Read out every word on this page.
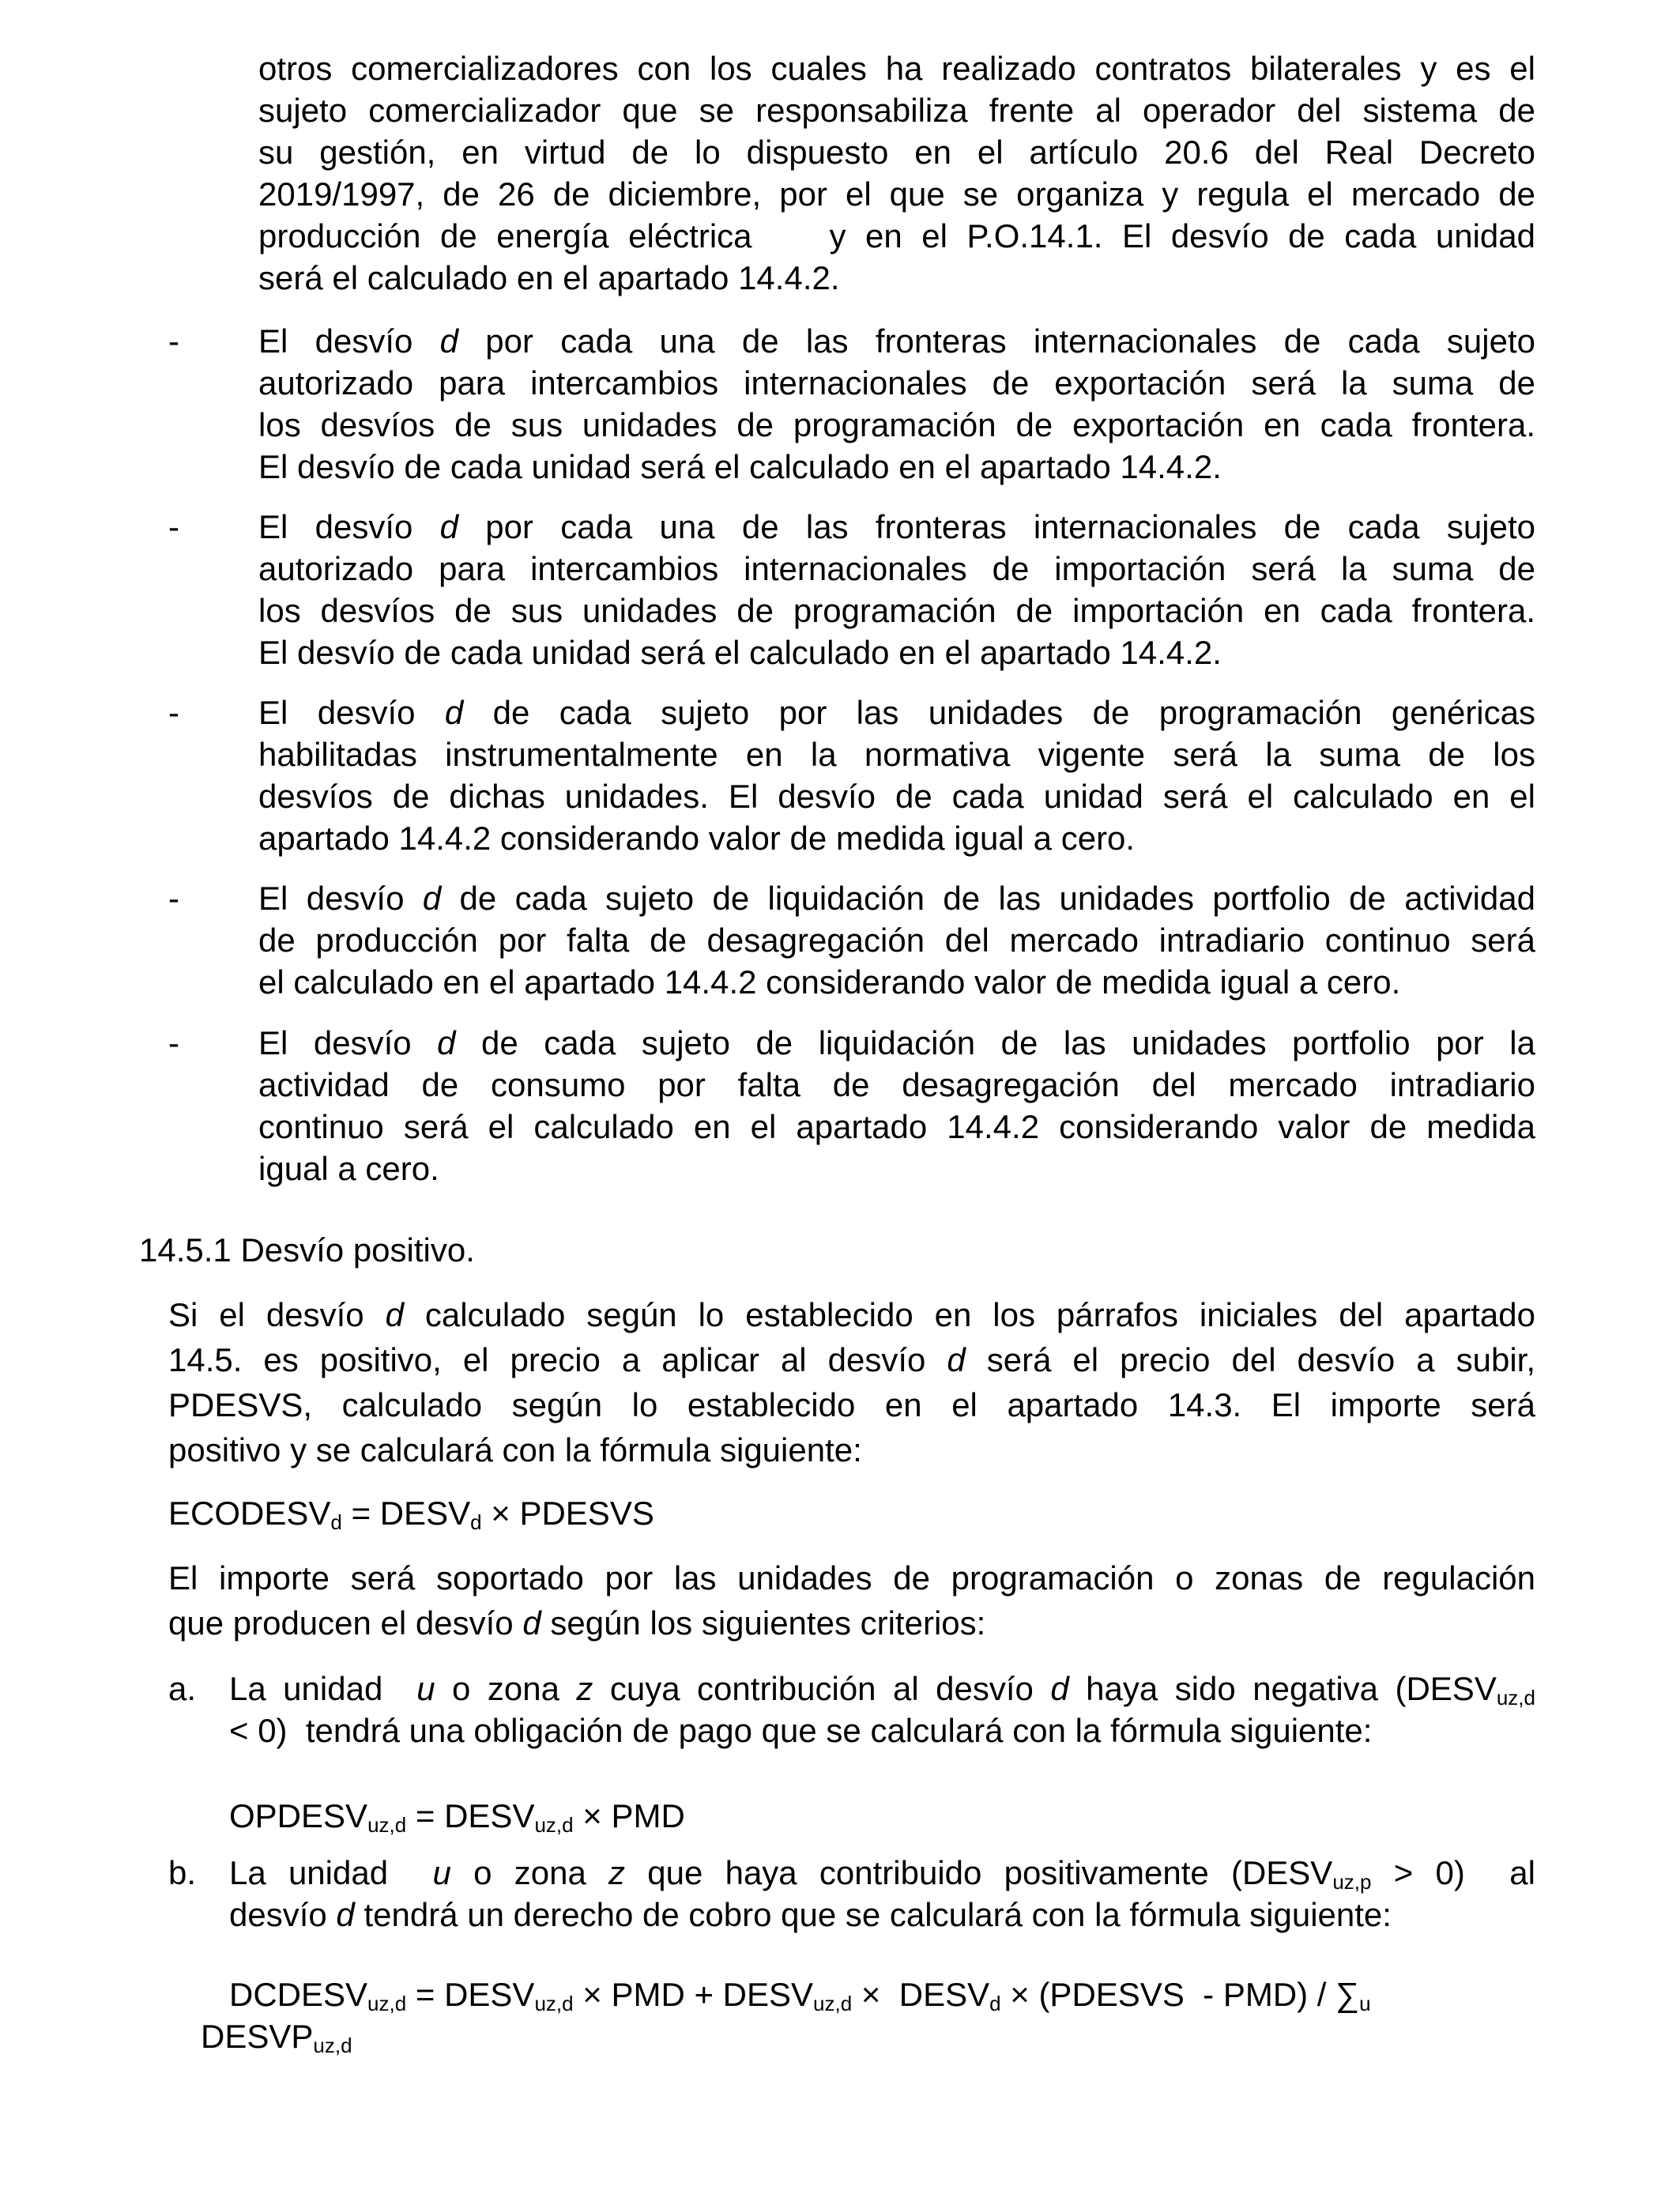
otros comercializadores con los cuales ha realizado contratos bilaterales y es el
sujeto comercializador que se responsabiliza frente al operador del sistema de
su gestión, en virtud de lo dispuesto en el artículo 20.6 del Real Decreto
2019/1997, de 26 de diciembre, por el que se organiza y regula el mercado de
producción de energía eléctrica    y en el P.O.14.1. El desvío de cada unidad
será el calculado en el apartado 14.4.2.
- El desvío d por cada una de las fronteras internacionales de cada sujeto
autorizado para intercambios internacionales de exportación será la suma de
los desvíos de sus unidades de programación de exportación en cada frontera.
El desvío de cada unidad será el calculado en el apartado 14.4.2.
- El desvío d por cada una de las fronteras internacionales de cada sujeto
autorizado para intercambios internacionales de importación será la suma de
los desvíos de sus unidades de programación de importación en cada frontera.
El desvío de cada unidad será el calculado en el apartado 14.4.2.
- El desvío d de cada sujeto por las unidades de programación genéricas
habilitadas instrumentalmente en la normativa vigente será la suma de los
desvíos de dichas unidades. El desvío de cada unidad será el calculado en el
apartado 14.4.2 considerando valor de medida igual a cero.
- El desvío d de cada sujeto de liquidación de las unidades portfolio de actividad
de producción por falta de desagregación del mercado intradiario continuo será
el calculado en el apartado 14.4.2 considerando valor de medida igual a cero.
- El desvío d de cada sujeto de liquidación de las unidades portfolio por la
actividad de consumo por falta de desagregación del mercado intradiario
continuo será el calculado en el apartado 14.4.2 considerando valor de medida
igual a cero.
14.5.1 Desvío positivo.
Si el desvío d calculado según lo establecido en los párrafos iniciales del apartado
14.5. es positivo, el precio a aplicar al desvío d será el precio del desvío a subir,
PDESVS, calculado según lo establecido en el apartado 14.3. El importe será
positivo y se calculará con la fórmula siguiente:
$ECODESV_d$ = $DESV_d$ × PDESVS
El importe será soportado por las unidades de programación o zonas de regulación
que producen el desvío d según los siguientes criterios:
a. La unidad  u o zona z cuya contribución al desvío d haya sido negativa ($DESV_{uz,d}$
< 0)  tendrá una obligación de pago que se calculará con la fórmula siguiente:
$OPDESV_{uz,d}$ = $DESV_{uz,d}$ × PMD
b. La unidad  u o zona z que haya contribuido positivamente $(DESV_{uz,p} > 0)$  al
desvío d tendrá un derecho de cobro que se calculará con la fórmula siguiente:
$DCDESV_{uz,d}$ = $DESV_{uz,d}$ × PMD + $DESV_{uz,d}$ ×  $DESV_d$ × (PDESVS  - $PMD) / \sum_u$
$DESVP_{uz,d}$
